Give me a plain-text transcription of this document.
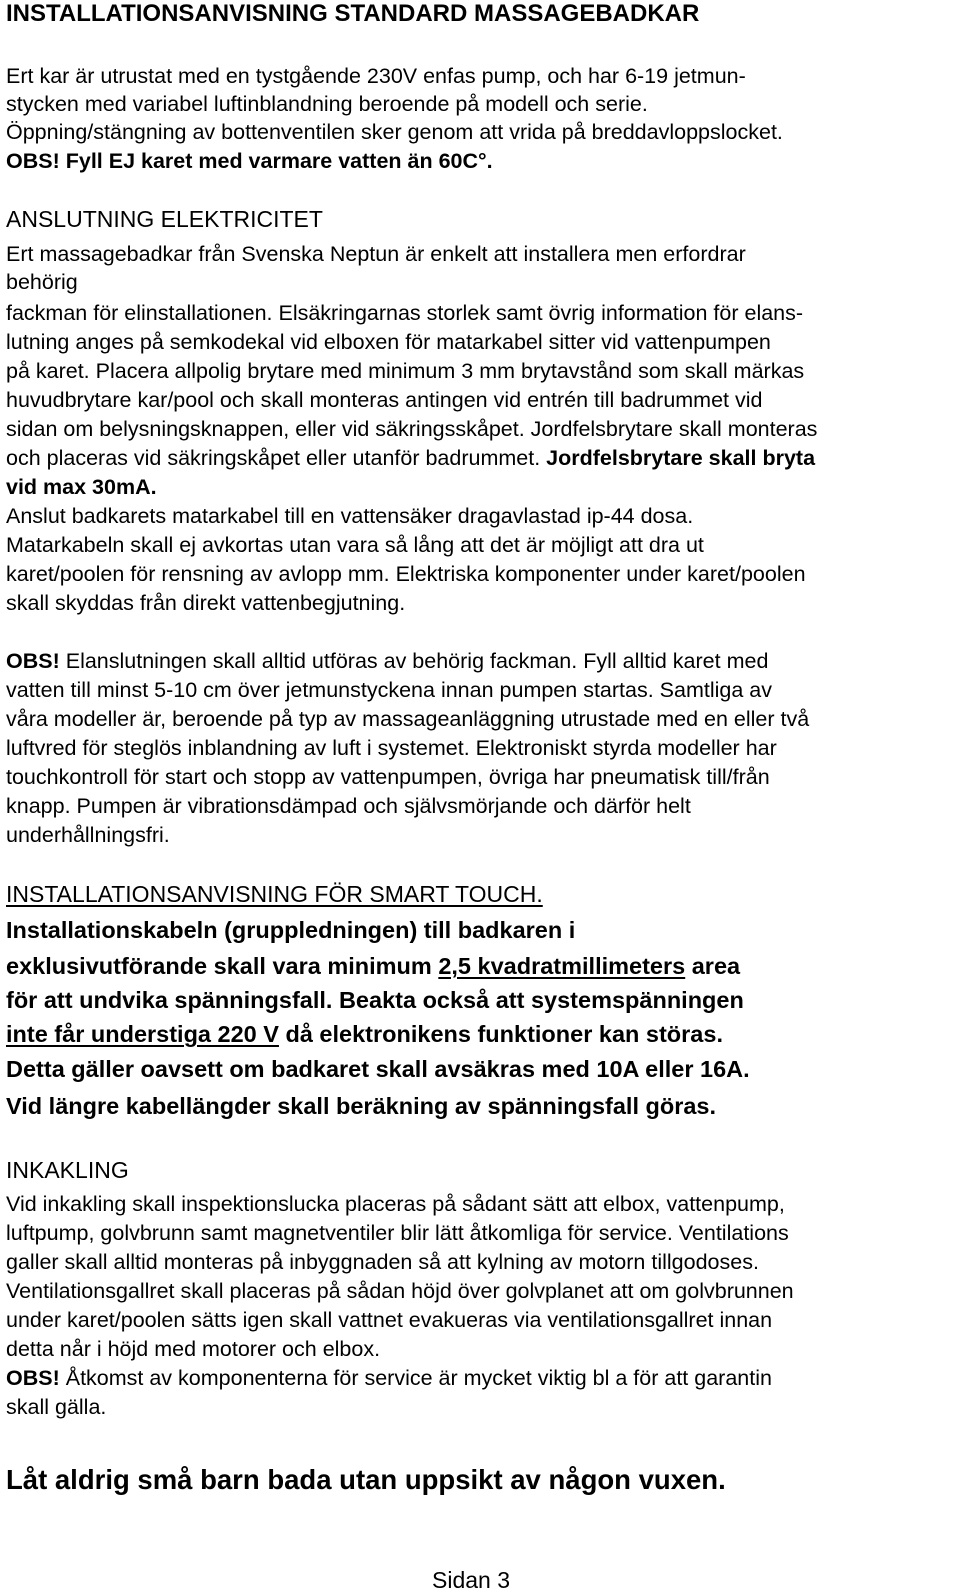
INSTALLATIONSANVISNING STANDARD MASSAGEBADKAR
Ert kar är utrustat med en tystgående 230V enfas pump, och har 6-19 jetmun-
stycken med variabel luftinblandning beroende på modell och serie.
Öppning/stängning av bottenventilen sker genom att vrida på breddavloppslocket.
OBS! Fyll EJ karet med varmare vatten än 60C°.
ANSLUTNING ELEKTRICITET
Ert massagebadkar från Svenska Neptun är enkelt att installera men erfordrar
behörig
fackman för elinstallationen. Elsäkringarnas storlek samt övrig information för elans-
lutning anges på semkodekal vid elboxen för matarkabel sitter vid vattenpumpen
på karet. Placera allpolig brytare med minimum 3 mm brytavstånd som skall märkas
huvudbrytare kar/pool och skall monteras antingen vid entrén till badrummet vid
sidan om belysningsknappen, eller vid säkringsskåpet. Jordfelsbrytare skall monteras
och placeras vid säkringskåpet eller utanför badrummet. Jordfelsbrytare skall bryta
vid max 30mA.
Anslut badkarets matarkabel till en vattensäker dragavlastad ip-44 dosa.
Matarkabeln skall ej avkortas utan vara så lång att det är möjligt att dra ut
karet/poolen för rensning av avlopp mm. Elektriska komponenter under karet/poolen
skall skyddas från direkt vattenbegjutning.
OBS! Elanslutningen skall alltid utföras av behörig fackman. Fyll alltid karet med
vatten till minst 5-10 cm över jetmunstyckena innan pumpen startas. Samtliga av
våra modeller är, beroende på typ av massageanläggning utrustade med en eller två
luftvred för steglös inblandning av luft i systemet. Elektroniskt styrda modeller har
touchkontroll för start och stopp av vattenpumpen, övriga har pneumatisk till/från
knapp. Pumpen är vibrationsdämpad och självsmörjande och därför helt
underhållningsfri.
INSTALLATIONSANVISNING FÖR SMART TOUCH.
Installationskabeln (gruppledningen) till badkaren i
exklusivutförande skall vara minimum 2,5 kvadratmillimeters area
för att undvika spänningsfall. Beakta också att systemspänningen
inte får understiga 220 V då elektronikens funktioner kan störas.
Detta gäller oavsett om badkaret skall avsäkras med 10A eller 16A.
Vid längre kabellängder skall beräkning av spänningsfall göras.
INKAKLING
Vid inkakling skall inspektionslucka placeras på sådant sätt att elbox, vattenpump,
luftpump, golvbrunn samt magnetventiler blir lätt åtkomliga för service. Ventilations
galler skall alltid monteras på inbyggnaden så att kylning av motorn tillgodoses.
Ventilationsgallret skall placeras på sådan höjd över golvplanet att om golvbrunnen
under karet/poolen sätts igen skall vattnet evakueras via ventilationsgallret innan
detta når i höjd med motorer och elbox.
OBS! Åtkomst av komponenterna för service är mycket viktig bl a för att garantin
skall gälla.
Låt aldrig små barn bada utan uppsikt av någon vuxen.
Sidan 3
